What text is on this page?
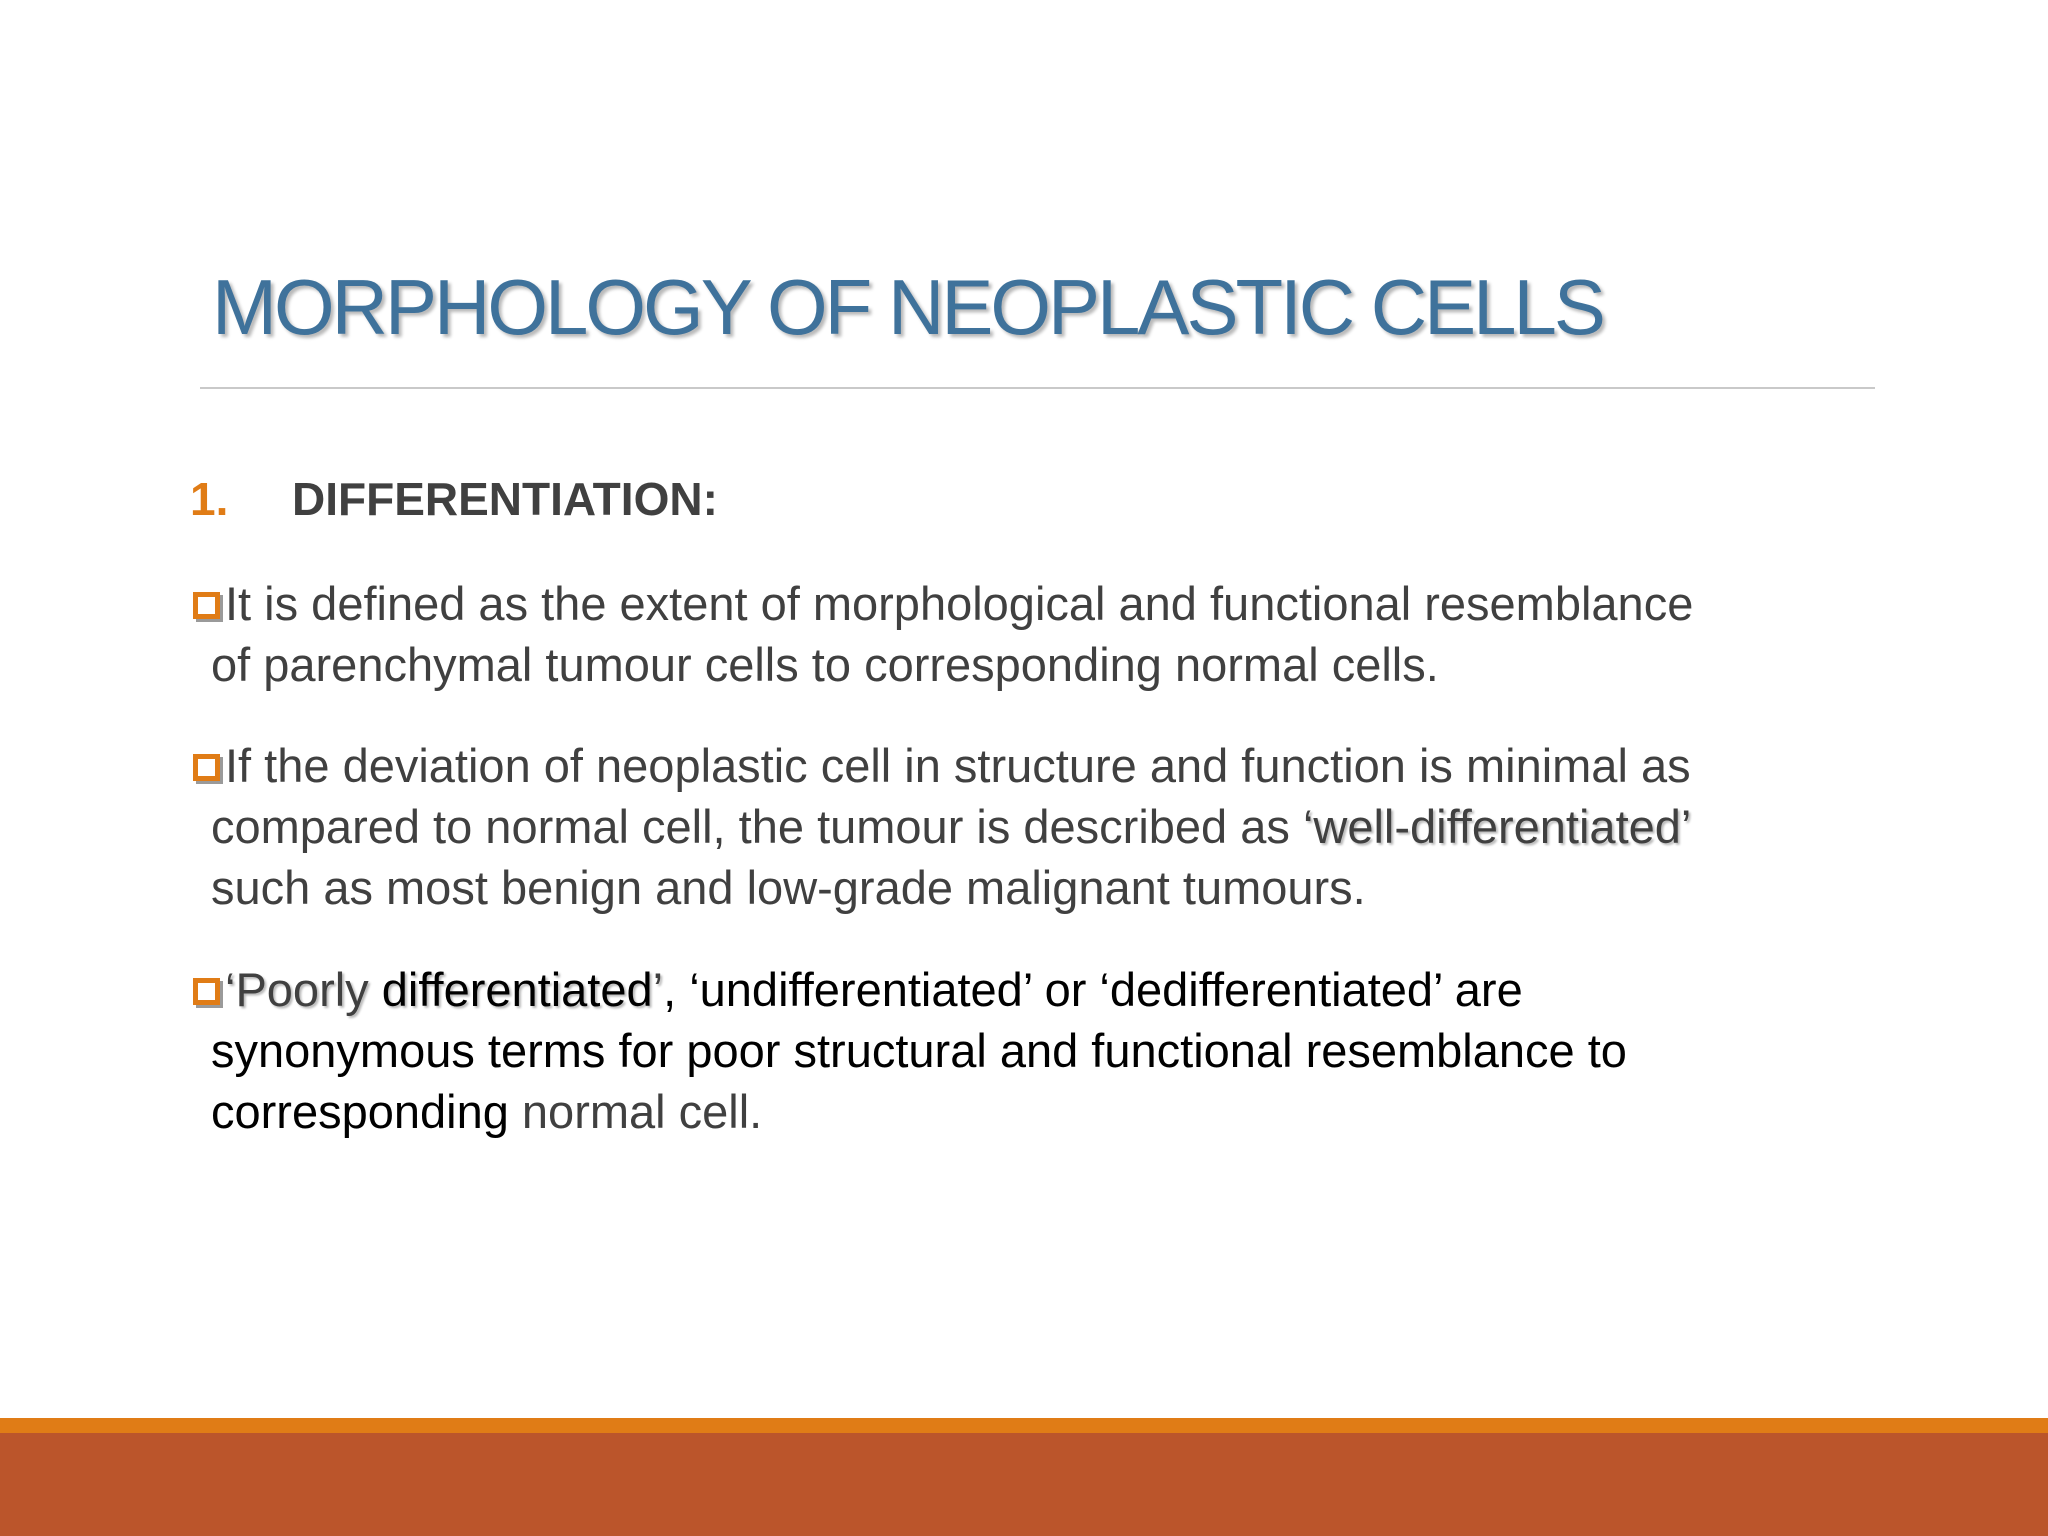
MORPHOLOGY OF NEOPLASTIC CELLS
1. DIFFERENTIATION:
It is defined as the extent of morphological and functional resemblance
of parenchymal tumour cells to corresponding normal cells.
If the deviation of neoplastic cell in structure and function is minimal as
compared to normal cell, the tumour is described as ‘well-differentiated’
such as most benign and low-grade malignant tumours.
‘Poorly differentiated’, ‘undifferentiated’ or ‘dedifferentiated’ are
synonymous terms for poor structural and functional resemblance to
corresponding normal cell.
